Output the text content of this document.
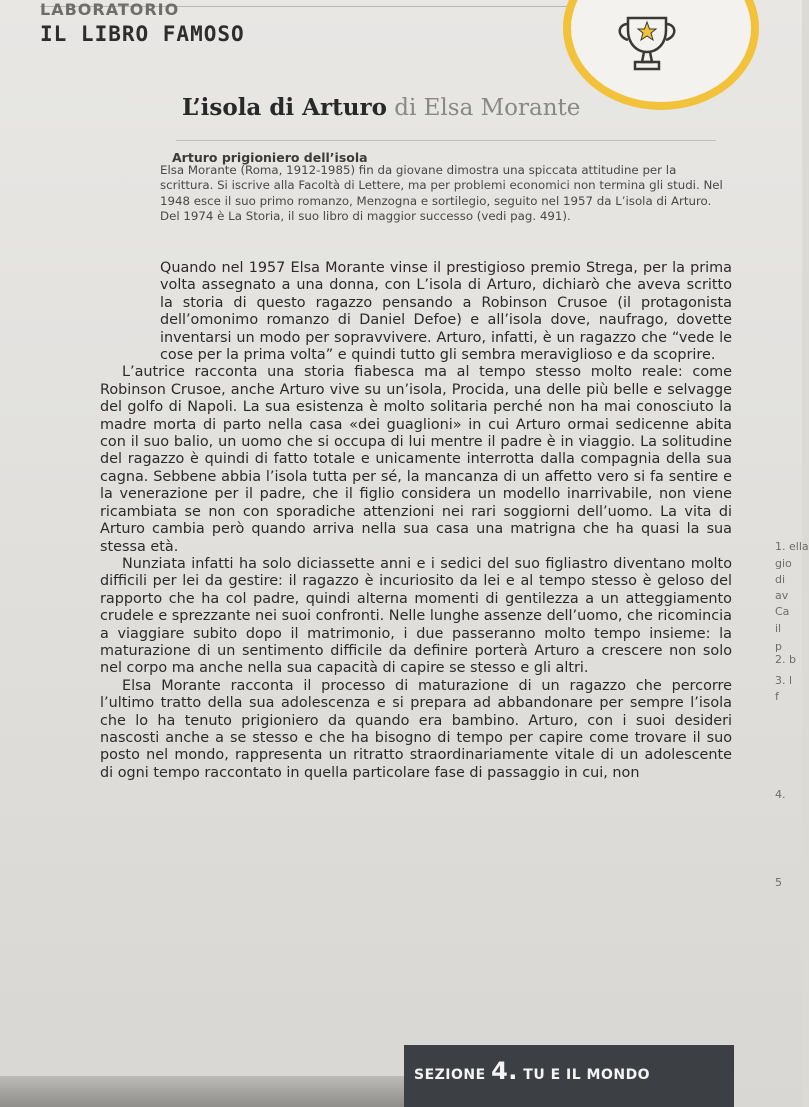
LABORATORIO
IL LIBRO FAMOSO
L’isola di Arturo di Elsa Morante
Arturo prigioniero dell’isola

Elsa Morante (Roma, 1912-1985) fin da giovane dimostra una spiccata attitudine per la scrittura. Si iscrive alla Facoltà di Lettere, ma per problemi economici non termina gli studi. Nel 1948 esce il suo primo romanzo, Menzogna e sortilegio, seguito nel 1957 da L’isola di Arturo. Del 1974 è La Storia, il suo libro di maggior successo (vedi pag. 491).

Quando nel 1957 Elsa Morante vinse il prestigioso premio Strega, per la prima volta assegnato a una donna, con L’isola di Arturo, dichiarò che aveva scritto la storia di questo ragazzo pensando a Robinson Crusoe (il protagonista dell’omonimo romanzo di Daniel Defoe) e all’isola dove, naufrago, dovette inventarsi un modo per sopravvivere. Arturo, infatti, è un ragazzo che “vede le cose per la prima volta” e quindi tutto gli sembra meraviglioso e da scoprire.

L’autrice racconta una storia fiabesca ma al tempo stesso molto reale: come Robinson Crusoe, anche Arturo vive su un’isola, Procida, una delle più belle e selvagge del golfo di Napoli. La sua esistenza è molto solitaria perché non ha mai conosciuto la madre morta di parto nella casa «dei guaglioni» in cui Arturo ormai sedicenne abita con il suo balio, un uomo che si occupa di lui mentre il padre è in viaggio. La solitudine del ragazzo è quindi di fatto totale e unicamente interrotta dalla compagnia della sua cagna. Sebbene abbia l’isola tutta per sé, la mancanza di un affetto vero si fa sentire e la venerazione per il padre, che il figlio considera un modello inarrivabile, non viene ricambiata se non con sporadiche attenzioni nei rari soggiorni dell’uomo. La vita di Arturo cambia però quando arriva nella sua casa una matrigna che ha quasi la sua stessa età.

Nunziata infatti ha solo diciassette anni e i sedici del suo figliastro diventano molto difficili per lei da gestire: il ragazzo è incuriosito da lei e al tempo stesso è geloso del rapporto che ha col padre, quindi alterna momenti di gentilezza a un atteggiamento crudele e sprezzante nei suoi confronti. Nelle lunghe assenze dell’uomo, che ricomincia a viaggiare subito dopo il matrimonio, i due passeranno molto tempo insieme: la maturazione di un sentimento difficile da definire porterà Arturo a crescere non solo nel corpo ma anche nella sua capacità di capire se stesso e gli altri.

Elsa Morante racconta il processo di maturazione di un ragazzo che percorre l’ultimo tratto della sua adolescenza e si prepara ad abbandonare per sempre l’isola che lo ha tenuto prigioniero da quando era bambino. Arturo, con i suoi desideri nascosti anche a se stesso e che ha bisogno di tempo per capire come trovare il suo posto nel mondo, rappresenta un ritratto straordinariamente vitale di un adolescente di ogni tempo raccontato in quella particolare fase di passaggio in cui, non

1. ella
gio
di
av
Ca
il
p
2. b
3. l
f
4.
5
SEZIONE 4. TU E IL MONDO
